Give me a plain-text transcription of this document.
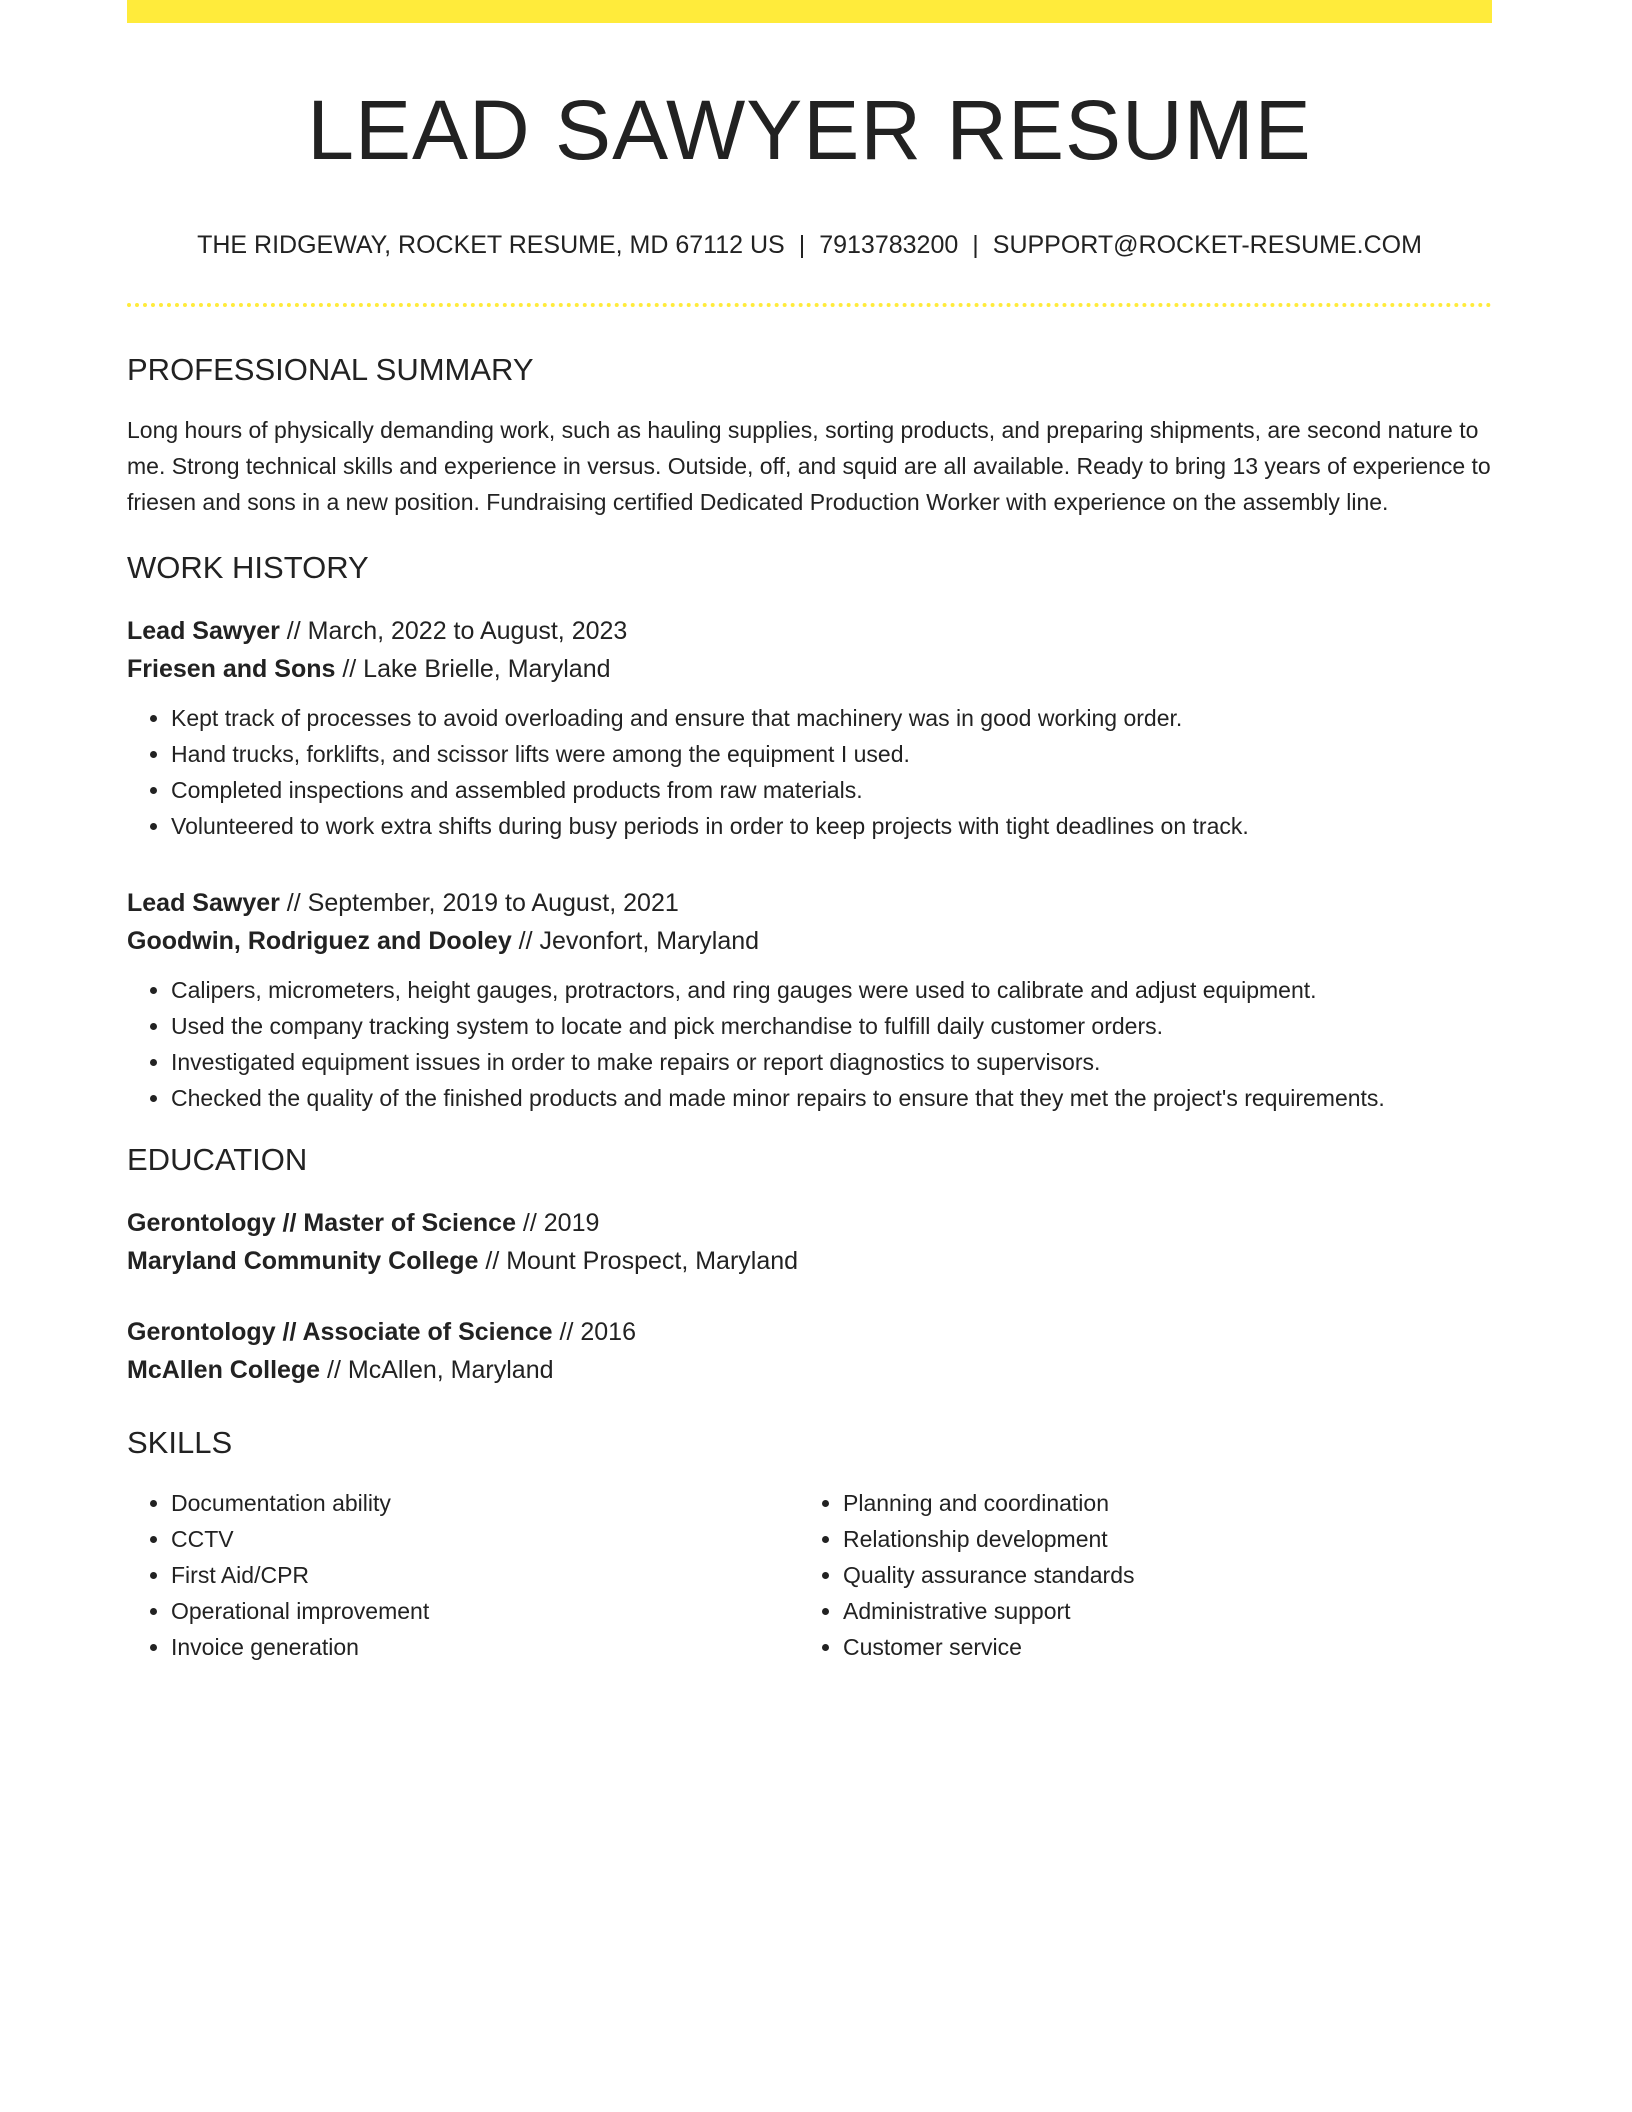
LEAD SAWYER RESUME
THE RIDGEWAY, ROCKET RESUME, MD 67112 US | 7913783200 | SUPPORT@ROCKET-RESUME.COM
PROFESSIONAL SUMMARY
Long hours of physically demanding work, such as hauling supplies, sorting products, and preparing shipments, are second nature to me. Strong technical skills and experience in versus. Outside, off, and squid are all available. Ready to bring 13 years of experience to friesen and sons in a new position. Fundraising certified Dedicated Production Worker with experience on the assembly line.
WORK HISTORY
Lead Sawyer // March, 2022 to August, 2023
Friesen and Sons // Lake Brielle, Maryland
• Kept track of processes to avoid overloading and ensure that machinery was in good working order.
• Hand trucks, forklifts, and scissor lifts were among the equipment I used.
• Completed inspections and assembled products from raw materials.
• Volunteered to work extra shifts during busy periods in order to keep projects with tight deadlines on track.
Lead Sawyer // September, 2019 to August, 2021
Goodwin, Rodriguez and Dooley // Jevonfort, Maryland
• Calipers, micrometers, height gauges, protractors, and ring gauges were used to calibrate and adjust equipment.
• Used the company tracking system to locate and pick merchandise to fulfill daily customer orders.
• Investigated equipment issues in order to make repairs or report diagnostics to supervisors.
• Checked the quality of the finished products and made minor repairs to ensure that they met the project's requirements.
EDUCATION
Gerontology // Master of Science // 2019
Maryland Community College // Mount Prospect, Maryland
Gerontology // Associate of Science // 2016
McAllen College // McAllen, Maryland
SKILLS
• Documentation ability
• CCTV
• First Aid/CPR
• Operational improvement
• Invoice generation
• Planning and coordination
• Relationship development
• Quality assurance standards
• Administrative support
• Customer service
